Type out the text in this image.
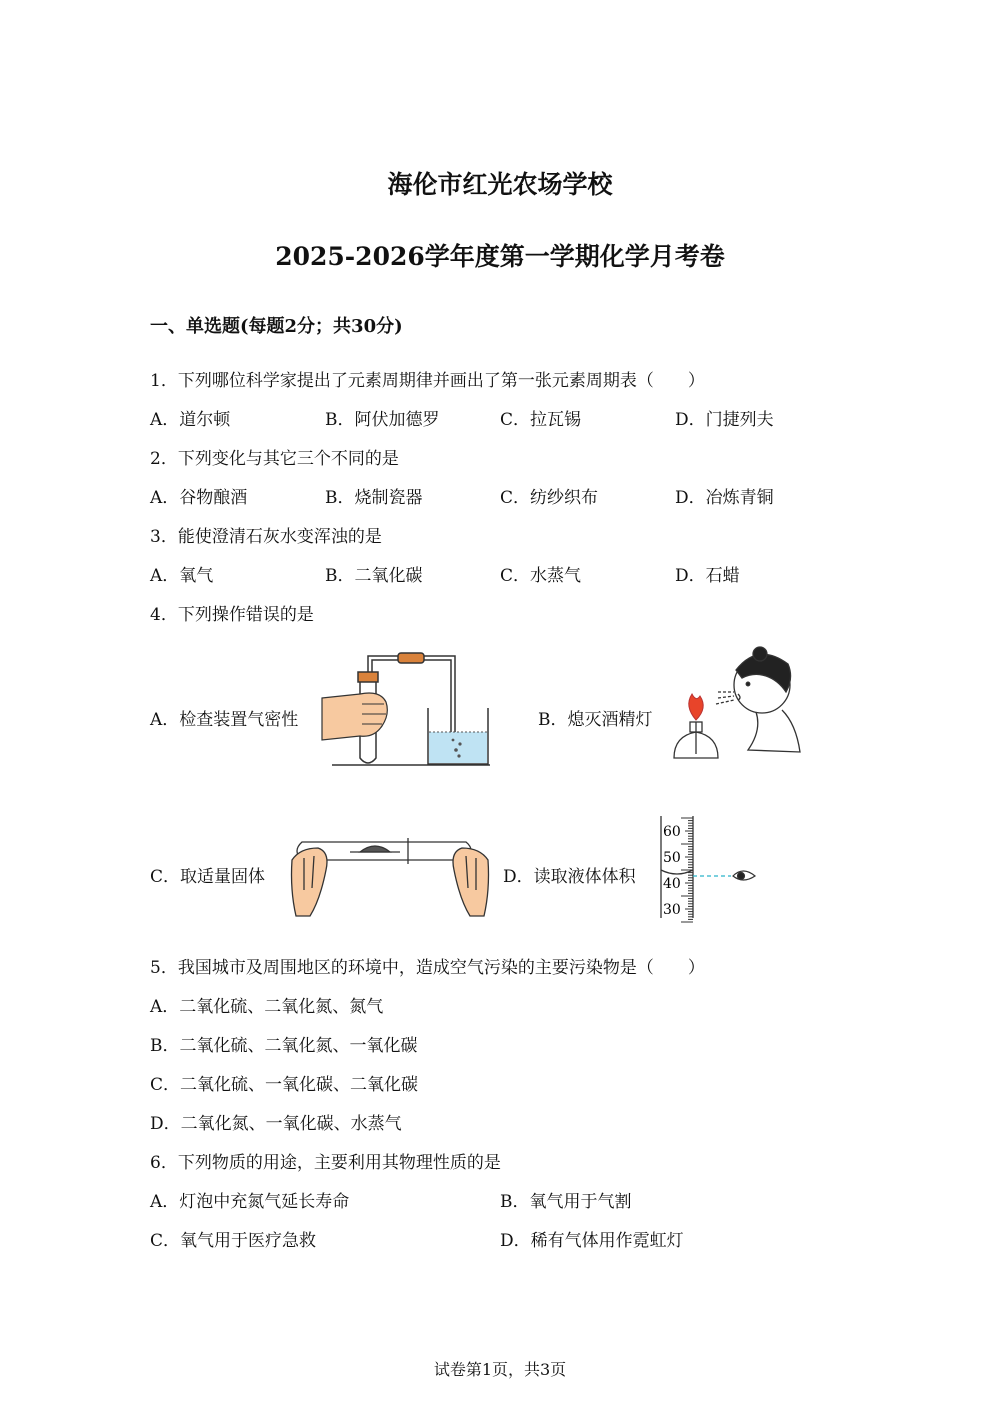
海伦市红光农场学校
2025-2026学年度第一学期化学月考卷
一、单选题(每题2分；共30分)
1．下列哪位科学家提出了元素周期律并画出了第一张元素周期表（　　）
A．道尔顿	B．阿伏加德罗	C．拉瓦锡	D．门捷列夫
2．下列变化与其它三个不同的是
A．谷物酿酒	B．烧制瓷器	C．纺纱织布	D．冶炼青铜
3．能使澄清石灰水变浑浊的是
A．氧气	B．二氧化碳	C．水蒸气	D．石蜡
4．下列操作错误的是
A．检查装置气密性	B．熄灭酒精灯
C．取适量固体	D．读取液体体积
60
50
40
30
5．我国城市及周围地区的环境中，造成空气污染的主要污染物是（　　）
A．二氧化硫、二氧化氮、氮气
B．二氧化硫、二氧化氮、一氧化碳
C．二氧化硫、一氧化碳、二氧化碳
D．二氧化氮、一氧化碳、水蒸气
6．下列物质的用途，主要利用其物理性质的是
A．灯泡中充氮气延长寿命	B．氧气用于气割
C．氧气用于医疗急救	D．稀有气体用作霓虹灯
试卷第1页，共3页
